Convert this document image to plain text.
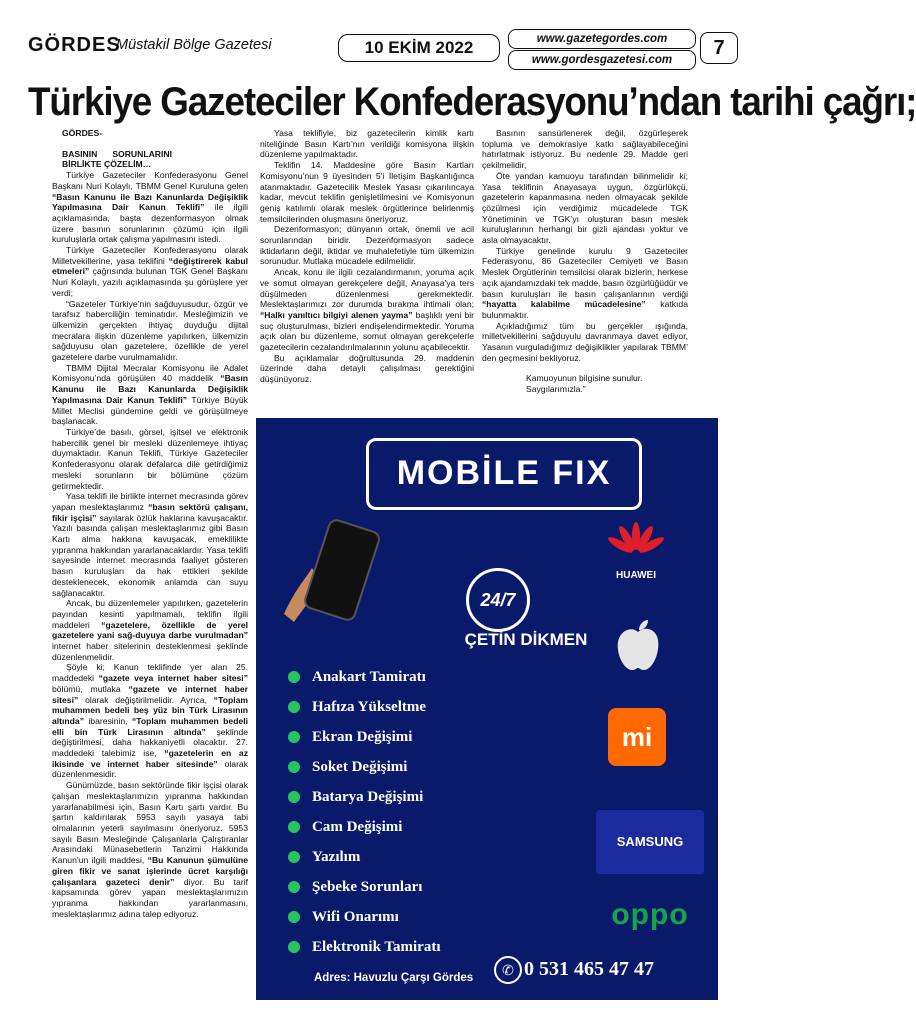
GÖRDES
Müstakil Bölge Gazetesi	10 EKİM 2022	www.gazetegordes.com
www.gordesgazetesi.com
7
Türkiye Gazeteciler Konfederasyonu’ndan tarihi çağrı;

GÖRDES-

BASININ SORUNLARINI BİRLİKTE ÇÖZELİM…

Türkiye Gazeteciler Konfederasyonu Genel Başkanı Nuri Kolaylı, TBMM Genel Kuruluna gelen “Basın Kanunu ile Bazı Kanunlarda Değişiklik Yapılmasına Dair Kanun Teklifi” ile ilgili açıklamasında, başta dezenformasyon olmak üzere basının sorunlarının çözümü için ilgili kuruluşlarla ortak çalışma yapılmasını istedi.

Türkiye Gazeteciler Konfederasyonu olarak Milletvekillerine, yasa teklifini “değiştirerek kabul etmeleri” çağrısında bulunan TGK Genel Başkanı Nuri Kolaylı, yazılı açıklamasında şu görüşlere yer verdi;

“Gazeteler Türkiye’nin sağduyusudur, özgür ve tarafsız haberciliğin teminatıdır. Mesleğimizin ve ülkemizin gerçekten ihtiyaç duyduğu dijital mecralara ilişkin düzenleme yapılırken, ülkemizin sağduyusu olan gazetelere, özellikle de yerel gazetelere darbe vurulmamalıdır.

TBMM Dijital Mecralar Komisyonu ile Adalet Komisyonu’nda görüşülen 40 maddelik “Basın Kanunu ile Bazı Kanunlarda Değişiklik Yapılmasına Dair Kanun Teklifi” Türkiye Büyük Millet Meclisi gündemine geldi ve görüşülmeye başlanacak.

Türkiye’de basılı, görsel, işitsel ve elektronik habercilik genel bir mesleki düzenlemeye ihtiyaç duymaktadır. Kanun Teklifi, Türkiye Gazeteciler Konfederasyonu olarak defalarca dile getirdiğimiz mesleki sorunların bir bölümüne çözüm getirmektedir.

Yasa teklifi ile birlikte internet mecrasında görev yapan meslektaşlarımız “basın sektörü çalışanı, fikir işçisi” sayılarak özlük haklarına kavuşacaktır. Yazılı basında çalışan meslektaşlarımız gibi Basın Kartı alma hakkına kavuşacak, emeklilikte yıpranma hakkından yararlanacaklardır. Yasa teklifi sayesinde internet mecrasında faaliyet gösteren basın kuruluşları da hak ettikleri şekilde desteklenecek, ekonomik anlamda can suyu sağlanacaktır.

Ancak, bu düzenlemeler yapılırken, gazetelerin payından kesinti yapılmamalı, teklifin ilgili maddeleri “gazetelere, özellikle de yerel gazetelere yani sağ-duyuya darbe vurulmadan” internet haber sitelerinin desteklenmesi şeklinde düzenlenmelidir.

Şöyle ki; Kanun teklifinde yer alan 25. maddedeki “gazete veya internet haber sitesi” bölümü, mutlaka “gazete ve internet haber sitesi” olarak değiştirilmelidir. Ayrıca, “Toplam muhammen bedeli beş yüz bin Türk Lirasının altında” ibaresinin, “Toplam muhammen bedeli elli bin Türk Lirasının altında” şeklinde değiştirilmesi, daha hakkaniyetli olacaktır. 27. maddedeki talebimiz ise, “gazetelerin en az ikisinde ve internet haber sitesinde” olarak düzenlenmesidir.

Günümüzde, basın sektöründe fikir işçisi olarak çalışan meslektaşlarımızın yıpranma hakkından yararlanabilmesi için, Basın Kartı şartı vardır. Bu şartın kaldırılarak 5953 sayılı yasaya tabi olmalarının yeterli sayılmasını öneriyoruz. 5953 sayılı Basın Mesleğinde Çalışanlarla Çalıştıranlar Arasındaki Münasebetlerin Tanzimi Hakkında Kanun’un ilgili maddesi, “Bu Kanunun şümulüne giren fikir ve sanat işlerinde ücret karşılığı çalışanlara gazeteci denir” diyor. Bu tarif kapsamında görev yapan meslektaşlarımızın yıpranma hakkından yararlanmasını, meslektaşlarımız adına talep ediyoruz.

Yasa teklifiyle, biz gazetecilerin kimlik kartı niteliğinde Basın Kartı’nın verildiği komisyona ilişkin düzenleme yapılmaktadır.

Teklifin 14. Maddesine göre Basın Kartları Komisyonu’nun 9 üyesinden 5’i İletişim Başkanlığınca atanmaktadır. Gazetecilik Meslek Yasası çıkarılıncaya kadar, mevcut teklifin genişletilmesini ve Komisyonun geniş katılımlı olarak meslek örgütlerince belirlenmiş temsilcilerinden oluşmasını öneriyoruz.

Dezenformasyon; dünyanın ortak, önemli ve acil sorunlarından biridir. Dezenformasyon sadece iktidarların değil, iktidar ve muhalefetiyle tüm ülkemizin sorunudur. Mutlaka mücadele edilmelidir.

Ancak, konu ile ilgili cezalandırmanın, yoruma açık ve somut olmayan gerekçelere değil, Anayasa’ya ters düşülmeden düzenlenmesi gerekmektedir. Meslektaşlarımızı zor durumda bırakma ihtimali olan; “Halkı yanıltıcı bilgiyi alenen yayma” başlıklı yeni bir suç oluşturulması, bizleri endişelendirmektedir. Yoruma açık olan bu düzenleme, somut olmayan gerekçelerle gazetecilerin cezalandırılmalarının yolunu açabilecektir.

Bu açıklamalar doğrultusunda 29. maddenin üzerinde daha detaylı çalışılması gerektiğini düşünüyoruz.

Basının sansürlenerek değil, özgürleşerek topluma ve demokrasiye katkı sağlayabileceğini hatırlatmak istiyoruz. Bu nedenle 29. Madde geri çekilmelidir,

Öte yandan kamuoyu tarafından bilinmelidir ki; Yasa teklifinin Anayasaya uygun, özgürlükçü, gazetelerin kapanmasına neden olmayacak şekilde çözülmesi için verdiğimiz mücadelede TGK Yönetiminin ve TGK’yı oluşturan basın meslek kuruluşlarının herhangi bir gizli ajandası yoktur ve asla olmayacaktır.

Türkiye genelinde kurulu 9 Gazeteciler Federasyonu, 86 Gazeteciler Cemiyeti ve Basın Meslek Örgütlerinin temsilcisi olarak bizlerin, herkese açık ajandamızdaki tek madde, basın özgürlüğüdür ve basın kuruluşları ile basın çalışanlarının verdiği “hayatta kalabilme mücadelesine” katkıda bulunmaktır.

Açıkladığımız tüm bu gerçekler ışığında, milletvekillerini sağduyulu davranmaya davet ediyor, Yasanın vurguladığımız değişiklikler yapılarak TBMM’ den geçmesini bekliyoruz.

Kamuoyunun bilgisine sunulur.

Saygılarımızla.”

MOBİLE FIX
24/7
ÇETİN DİKMEN
Anakart Tamiratı
Hafıza Yükseltme
Ekran Değişimi
Soket Değişimi
Batarya Değişimi
Cam Değişimi
Yazılım
Şebeke Sorunları
Wifi Onarımı
Elektronik Tamiratı
HUAWEI
mi
SAMSUNG
oppo
✆ 0 531 465 47 47
Adres: Havuzlu Çarşı Gördes
